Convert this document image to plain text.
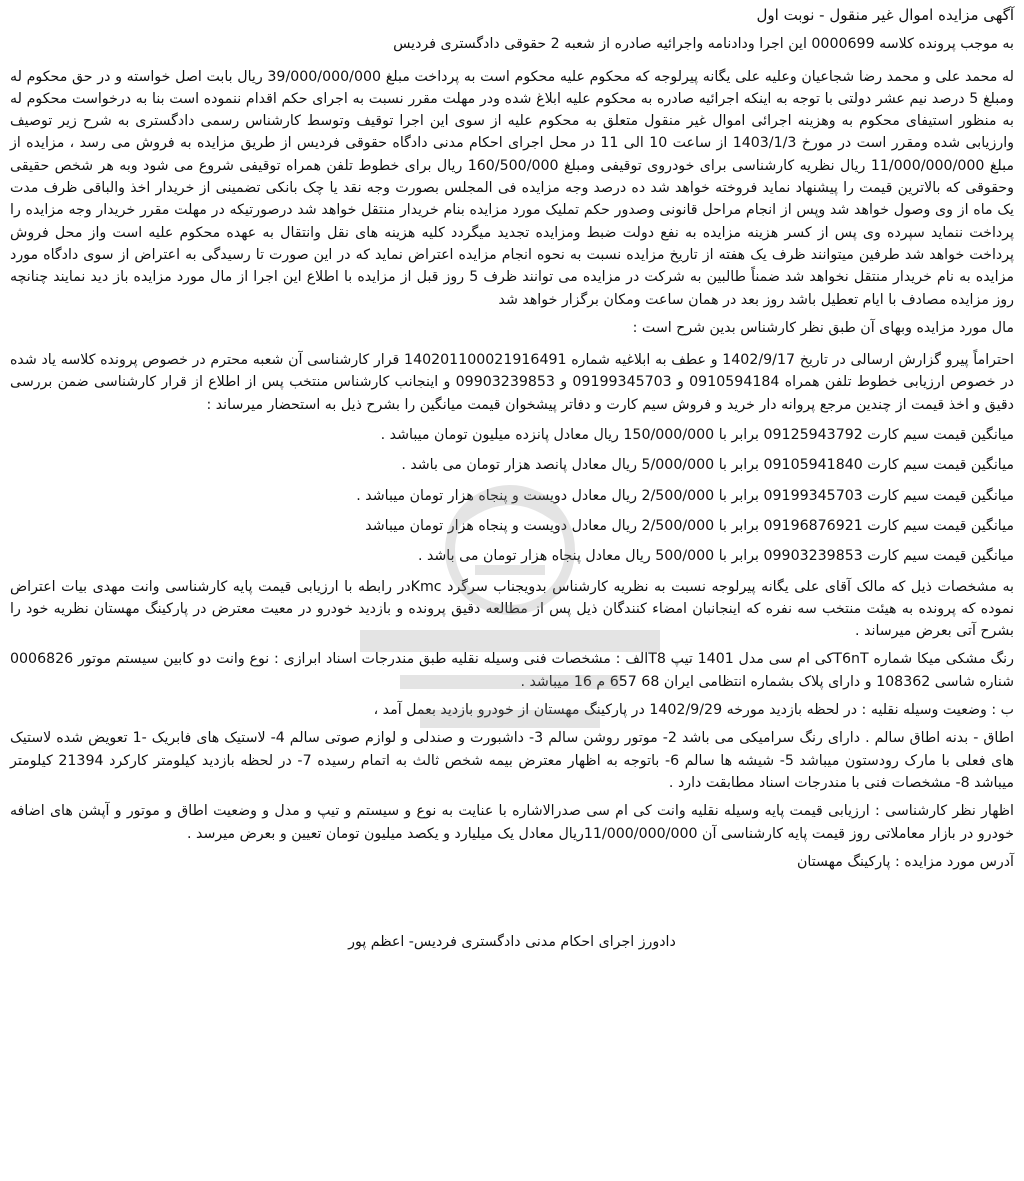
آگهی مزایده اموال غیر منقول - نوبت اول

به موجب پرونده کلاسه 0000699 این اجرا ودادنامه واجرائیه صادره از شعبه 2 حقوقی دادگستری فردیس

له محمد علی و محمد رضا شجاعیان وعلیه علی یگانه پیرلوجه که محکوم علیه محکوم است به پرداخت مبلغ 39/000/000/000 ریال بابت اصل خواسته و در حق محکوم له ومبلغ 5 درصد نیم عشر دولتی با توجه به اینکه اجرائیه صادره به محکوم علیه ابلاغ شده ودر مهلت مقرر نسبت به اجرای حکم اقدام ننموده است بنا به درخواست محکوم له به منظور استیفای محکوم به وهزینه اجرائی اموال غیر منقول متعلق به محکوم علیه از سوی این اجرا توقیف وتوسط کارشناس رسمی دادگستری به شرح زیر توصیف وارزیابی شده ومقرر است در مورخ 1403/1/3 از ساعت 10 الی 11 در محل اجرای احکام مدنی دادگاه حقوقی فردیس از طریق مزایده به فروش می رسد ، مزایده از مبلغ 11/000/000/000 ریال نظریه کارشناسی برای خودروی توقیفی ومبلغ 160/500/000 ریال برای خطوط تلفن همراه توقیفی شروع می شود وبه هر شخص حقیقی وحقوقی که بالاترین قیمت را پیشنهاد نماید فروخته خواهد شد ده درصد وجه مزایده فی المجلس بصورت وجه نقد یا چک بانکی تضمینی از خریدار اخذ والباقی ظرف مدت یک ماه از وی وصول خواهد شد وپس از انجام مراحل قانونی وصدور حکم تملیک مورد مزایده بنام خریدار منتقل خواهد شد درصورتیکه در مهلت مقرر خریدار وجه مزایده را پرداخت ننماید سپرده وی پس از کسر هزینه مزایده به نفع دولت ضبط ومزایده تجدید میگردد کلیه هزینه های نقل وانتقال به عهده محکوم علیه است واز محل فروش پرداخت خواهد شد طرفین میتوانند ظرف یک هفته از تاریخ مزایده نسبت به نحوه انجام مزایده اعتراض نماید که در این صورت تا رسیدگی به اعتراض از سوی دادگاه مورد مزایده به نام خریدار منتقل نخواهد شد ضمناً طالبین به شرکت در مزایده می توانند ظرف 5 روز قبل از مزایده با اطلاع این اجرا از مال مورد مزایده باز دید نمایند چنانچه روز مزایده مصادف با ایام تعطیل باشد روز بعد در همان ساعت ومکان برگزار خواهد شد

مال مورد مزایده وبهای آن طبق نظر کارشناس بدین شرح است :

احتراماً پیرو گزارش ارسالی در تاریخ 1402/9/17 و عطف به ابلاغیه شماره 140201100021916491 قرار کارشناسی آن شعبه محترم در خصوص پرونده کلاسه یاد شده در خصوص ارزیابی خطوط تلفن همراه 0910594184 و 09199345703 و 09903239853 و اینجانب کارشناس منتخب پس از اطلاع از قرار کارشناسی ضمن بررسی دقیق و اخذ قیمت از چندین مرجع پروانه دار خرید و فروش سیم کارت و دفاتر پیشخوان قیمت میانگین را بشرح ذیل به استحضار میرساند :

میانگین قیمت سیم کارت 09125943792 برابر با 150/000/000 ریال معادل پانزده میلیون تومان میباشد .

میانگین قیمت سیم کارت 09105941840 برابر با 5/000/000 ریال معادل پانصد هزار تومان می باشد .

میانگین قیمت سیم کارت 09199345703 برابر با 2/500/000 ریال معادل دویست و پنجاه هزار تومان میباشد .

میانگین قیمت سیم کارت 09196876921 برابر با 2/500/000 ریال معادل دویست و پنجاه هزار تومان میباشد

میانگین قیمت سیم کارت 09903239853 برابر با 500/000 ریال معادل پنجاه هزار تومان می باشد .

به مشخصات ذیل که مالک آقای علی یگانه پیرلوجه نسبت به نظریه کارشناس بدویجناب سرگرد Kmcدر رابطه با ارزیابی قیمت پایه کارشناسی وانت مهدی بیات اعتراض نموده که پرونده به هیئت منتخب سه نفره که اینجانبان امضاء کنندگان ذیل پس از مطالعه دقیق پرونده و بازدید خودرو در معیت معترض در پارکینگ مهستان نظریه خود را بشرح آتی بعرض میرساند .

رنگ مشکی میکا شماره T6nTکی ام سی مدل 1401 تیپ T8الف : مشخصات فنی وسیله نقلیه طبق مندرجات اسناد ابرازی : نوع وانت دو کابین سیستم موتور 0006826 شناره شاسی 108362 و دارای پلاک بشماره انتظامی ایران 68 657 م 16 میباشد .

ب : وضعیت وسیله نقلیه : در لحظه بازدید مورخه 1402/9/29 در پارکینگ مهستان از خودرو بازدید بعمل آمد ،

اطاق - بدنه اطاق سالم . دارای رنگ سرامیکی می باشد 2- موتور روشن سالم 3- داشبورت و صندلی و لوازم صوتی سالم 4- لاستیک های فابریک -1 تعویض شده لاستیک های فعلی با مارک رودستون میباشد 5- شیشه ها سالم 6- باتوجه به اظهار معترض بیمه شخص ثالث به اتمام رسیده 7- در لحظه بازدید کیلومتر کارکرد 21394 کیلومتر میباشد 8- مشخصات فنی با مندرجات اسناد مطابقت دارد .

اظهار نظر کارشناسی : ارزیابی قیمت پایه وسیله نقلیه وانت کی ام سی صدرالاشاره با عنایت به نوع و سیستم و تیپ و مدل و وضعیت اطاق و موتور و آپشن های اضافه خودرو در بازار معاملاتی روز قیمت پایه کارشناسی آن 11/000/000/000ریال معادل یک میلیارد و یکصد میلیون تومان تعیین و بعرض میرسد .

آدرس مورد مزایده : پارکینگ مهستان

دادورز اجرای احکام مدنی دادگستری فردیس- اعظم پور
